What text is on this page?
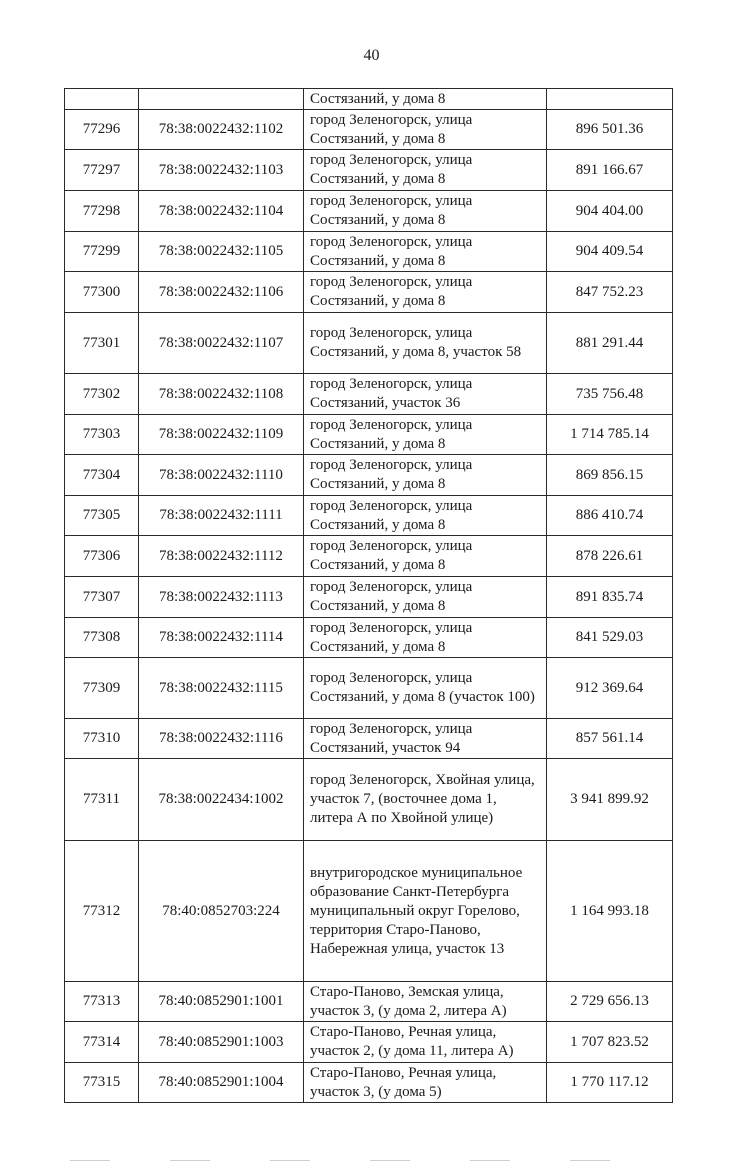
40
		Состязаний, у дома 8	
77296	78:38:0022432:1102	город Зеленогорск, улица Состязаний, у дома 8	896 501.36
77297	78:38:0022432:1103	город Зеленогорск, улица Состязаний, у дома 8	891 166.67
77298	78:38:0022432:1104	город Зеленогорск, улица Состязаний, у дома 8	904 404.00
77299	78:38:0022432:1105	город Зеленогорск, улица Состязаний, у дома 8	904 409.54
77300	78:38:0022432:1106	город Зеленогорск, улица Состязаний, у дома 8	847 752.23
77301	78:38:0022432:1107	город Зеленогорск, улица Состязаний, у дома 8, участок 58	881 291.44
77302	78:38:0022432:1108	город Зеленогорск, улица Состязаний, участок 36	735 756.48
77303	78:38:0022432:1109	город Зеленогорск, улица Состязаний, у дома 8	1 714 785.14
77304	78:38:0022432:1110	город Зеленогорск, улица Состязаний, у дома 8	869 856.15
77305	78:38:0022432:1111	город Зеленогорск, улица Состязаний, у дома 8	886 410.74
77306	78:38:0022432:1112	город Зеленогорск, улица Состязаний, у дома 8	878 226.61
77307	78:38:0022432:1113	город Зеленогорск, улица Состязаний, у дома 8	891 835.74
77308	78:38:0022432:1114	город Зеленогорск, улица Состязаний, у дома 8	841 529.03
77309	78:38:0022432:1115	город Зеленогорск, улица Состязаний, у дома 8 (участок 100)	912 369.64
77310	78:38:0022432:1116	город Зеленогорск, улица Состязаний, участок 94	857 561.14
77311	78:38:0022434:1002	город Зеленогорск, Хвойная улица, участок 7, (восточнее дома 1, литера А по Хвойной улице)	3 941 899.92
77312	78:40:0852703:224	внутригородское муниципальное образование Санкт-Петербурга муниципальный округ Горелово, территория Старо-Паново, Набережная улица, участок 13	1 164 993.18
77313	78:40:0852901:1001	Старо-Паново, Земская улица, участок 3, (у дома 2, литера А)	2 729 656.13
77314	78:40:0852901:1003	Старо-Паново, Речная улица, участок 2, (у дома 11, литера А)	1 707 823.52
77315	78:40:0852901:1004	Старо-Паново, Речная улица, участок 3, (у дома 5)	1 770 117.12
